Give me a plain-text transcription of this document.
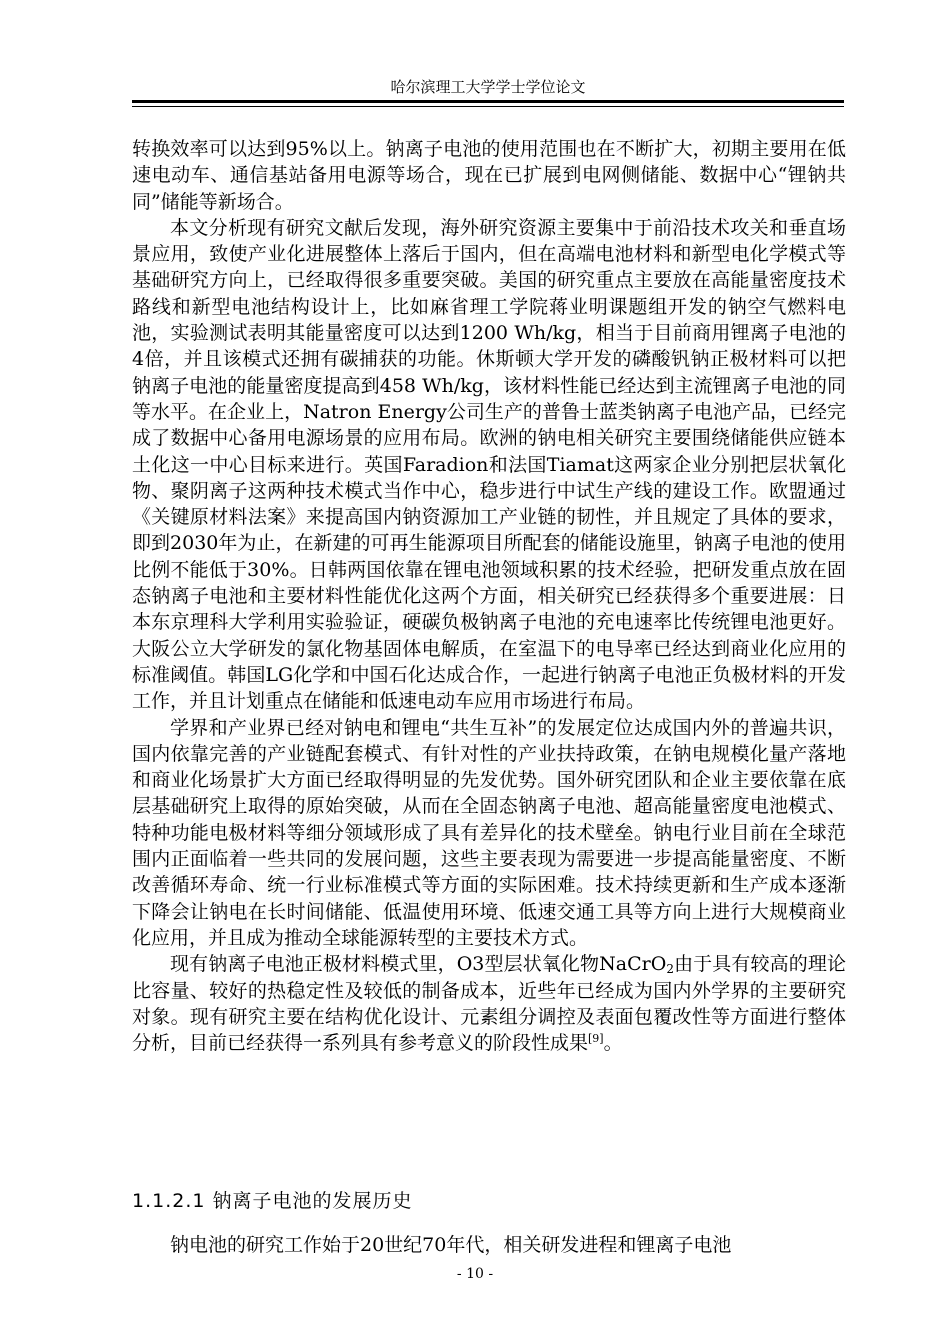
哈尔滨理工大学学士学位论文

转换效率可以达到95%以上。钠离子电池的使用范围也在不断扩大，初期主要用在低速电动车、通信基站备用电源等场合，现在已扩展到电网侧储能、数据中心“锂钠共同”储能等新场合。

本文分析现有研究文献后发现，海外研究资源主要集中于前沿技术攻关和垂直场景应用，致使产业化进展整体上落后于国内，但在高端电池材料和新型电化学模式等基础研究方向上，已经取得很多重要突破。美国的研究重点主要放在高能量密度技术路线和新型电池结构设计上，比如麻省理工学院蒋业明课题组开发的钠空气燃料电池，实验测试表明其能量密度可以达到1200 Wh/kg，相当于目前商用锂离子电池的4倍，并且该模式还拥有碳捕获的功能。休斯顿大学开发的磷酸钒钠正极材料可以把钠离子电池的能量密度提高到458 Wh/kg，该材料性能已经达到主流锂离子电池的同等水平。在企业上，Natron Energy公司生产的普鲁士蓝类钠离子电池产品，已经完成了数据中心备用电源场景的应用布局。欧洲的钠电相关研究主要围绕储能供应链本土化这一中心目标来进行。英国Faradion和法国Tiamat这两家企业分别把层状氧化物、聚阴离子这两种技术模式当作中心，稳步进行中试生产线的建设工作。欧盟通过《关键原材料法案》来提高国内钠资源加工产业链的韧性，并且规定了具体的要求，即到2030年为止，在新建的可再生能源项目所配套的储能设施里，钠离子电池的使用比例不能低于30%。日韩两国依靠在锂电池领域积累的技术经验，把研发重点放在固态钠离子电池和主要材料性能优化这两个方面，相关研究已经获得多个重要进展：日本东京理科大学利用实验验证，硬碳负极钠离子电池的充电速率比传统锂电池更好。大阪公立大学研发的氯化物基固体电解质，在室温下的电导率已经达到商业化应用的标准阈值。韩国LG化学和中国石化达成合作，一起进行钠离子电池正负极材料的开发工作，并且计划重点在储能和低速电动车应用市场进行布局。

学界和产业界已经对钠电和锂电“共生互补”的发展定位达成国内外的普遍共识，国内依靠完善的产业链配套模式、有针对性的产业扶持政策，在钠电规模化量产落地和商业化场景扩大方面已经取得明显的先发优势。国外研究团队和企业主要依靠在底层基础研究上取得的原始突破，从而在全固态钠离子电池、超高能量密度电池模式、特种功能电极材料等细分领域形成了具有差异化的技术壁垒。钠电行业目前在全球范围内正面临着一些共同的发展问题，这些主要表现为需要进一步提高能量密度、不断改善循环寿命、统一行业标准模式等方面的实际困难。技术持续更新和生产成本逐渐下降会让钠电在长时间储能、低温使用环境、低速交通工具等方向上进行大规模商业化应用，并且成为推动全球能源转型的主要技术方式。

现有钠离子电池正极材料模式里，O3型层状氧化物NaCrO$_2$由于具有较高的理论比容量、较好的热稳定性及较低的制备成本，近些年已经成为国内外学界的主要研究对象。现有研究主要在结构优化设计、元素组分调控及表面包覆改性等方面进行整体分析，目前已经获得一系列具有参考意义的阶段性成果[9]。

1.1.2.1 钠离子电池的发展历史
钠电池的研究工作始于20世纪70年代，相关研发进程和锂离子电池
- 10 -
